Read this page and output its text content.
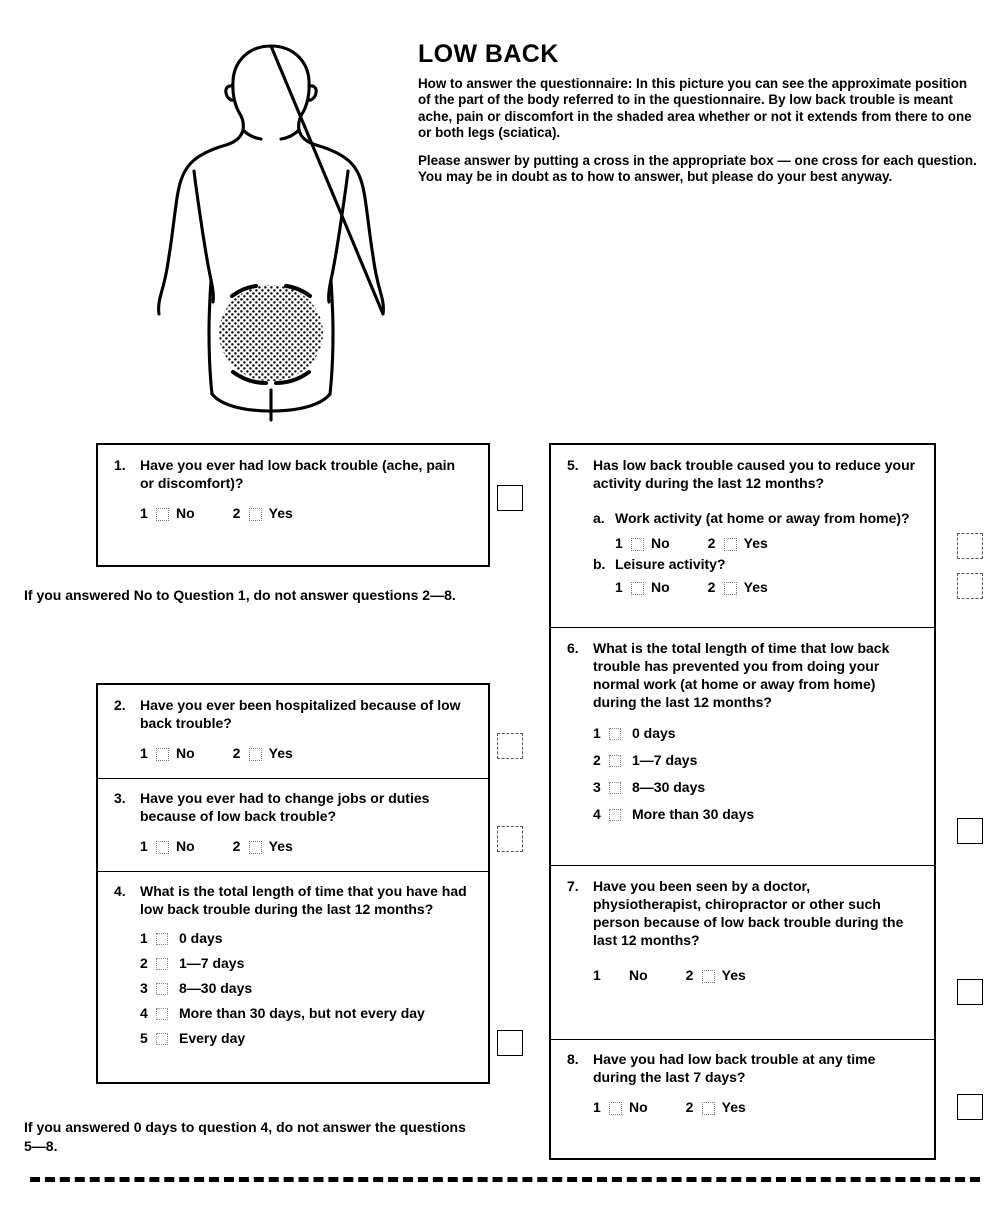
LOW BACK

How to answer the questionnaire: In this picture you can see the approximate position of the part of the body referred to in the questionnaire. By low back trouble is meant ache, pain or discomfort in the shaded area whether or not it extends from there to one or both legs (sciatica).

Please answer by putting a cross in the appropriate box — one cross for each question. You may be in doubt as to how to answer, but please do your best anyway.

1.	Have you ever had low back trouble (ache, pain or discomfort)?
1	No	2	Yes
If you answered No to Question 1, do not answer questions 2—8.
2.	Have you ever been hospitalized because of low back trouble?
1	No	2	Yes
3.	Have you ever had to change jobs or duties because of low back trouble?
1	No	2	Yes
4.	What is the total length of time that you have had low back trouble during the last 12 months?
1	0 days
2	1—7 days
3	8—30 days
4	More than 30 days, but not every day
5	Every day
If you answered 0 days to question 4, do not answer the questions 5—8.
5.	Has low back trouble caused you to reduce your activity during the last 12 months?
a. Work activity (at home or away from home)?
1	No	2	Yes
b. Leisure activity?
1	No	2	Yes
6.	What is the total length of time that low back trouble has prevented you from doing your normal work (at home or away from home) during the last 12 months?
1	0 days
2	1—7 days
3	8—30 days
4	More than 30 days
7.	Have you been seen by a doctor, physiotherapist, chiropractor or other such person because of low back trouble during the last 12 months?
1	No	2	Yes
8.	Have you had low back trouble at any time during the last 7 days?
1	No	2	Yes
